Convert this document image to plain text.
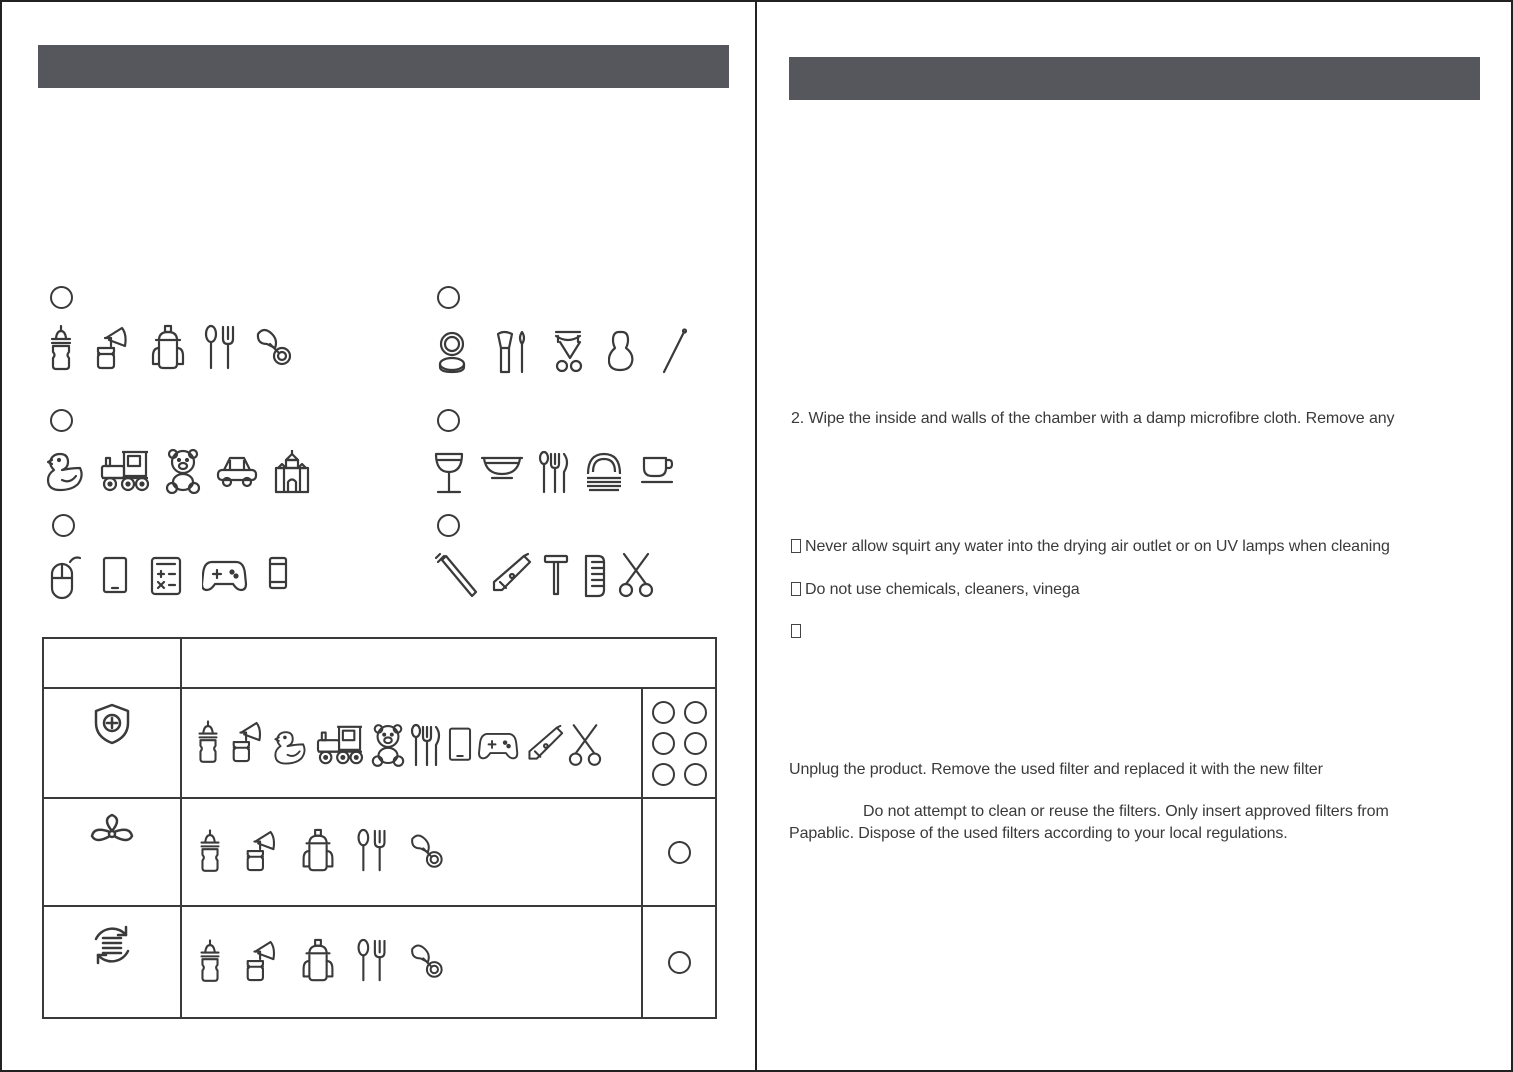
2. Wipe the inside and walls of the chamber with a damp microfibre cloth. Remove any
Never allow squirt any water into the drying air outlet or on UV lamps when cleaning
Do not use chemicals, cleaners, vinega
Unplug the product. Remove the used filter and replaced it with the new filter
Do not attempt to clean or reuse the filters. Only insert approved filters from
Papablic. Dispose of the used filters according to your local regulations.
